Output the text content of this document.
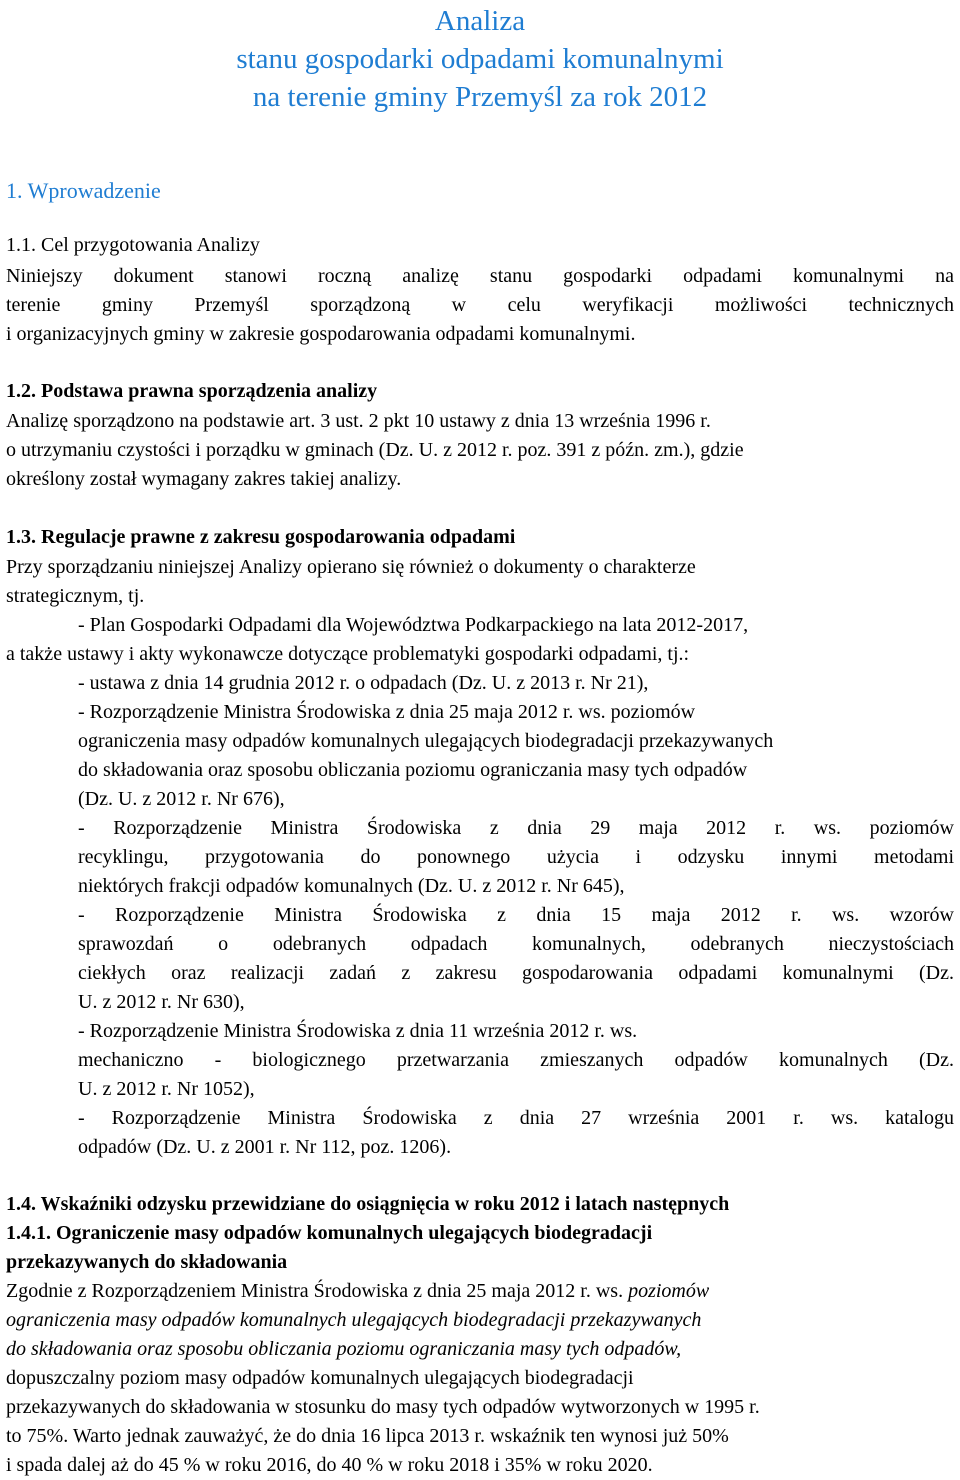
Analiza
stanu gospodarki odpadami komunalnymi
na terenie gminy Przemyśl za rok 2012
1. Wprowadzenie
1.1. Cel przygotowania Analizy
Niniejszy dokument stanowi roczną analizę stanu gospodarki odpadami komunalnymi na
terenie gminy Przemyśl sporządzoną w celu weryfikacji możliwości technicznych
i organizacyjnych gminy w zakresie gospodarowania odpadami komunalnymi.
1.2. Podstawa prawna sporządzenia analizy
Analizę sporządzono na podstawie art. 3 ust. 2 pkt 10 ustawy z dnia 13 września 1996 r.
o utrzymaniu czystości i porządku w gminach (Dz. U. z 2012 r. poz. 391 z późn. zm.), gdzie
określony został wymagany zakres takiej analizy.
1.3. Regulacje prawne z zakresu gospodarowania odpadami
Przy sporządzaniu niniejszej Analizy opierano się również o dokumenty o charakterze
strategicznym, tj.
- Plan Gospodarki Odpadami dla Województwa Podkarpackiego na lata 2012-2017,
a także ustawy i akty wykonawcze dotyczące problematyki gospodarki odpadami, tj.:
- ustawa z dnia 14 grudnia 2012 r. o odpadach (Dz. U. z 2013 r. Nr 21),
- Rozporządzenie Ministra Środowiska z dnia 25 maja 2012 r. ws. poziomów
ograniczenia masy odpadów komunalnych ulegających biodegradacji przekazywanych
do składowania oraz sposobu obliczania poziomu ograniczania masy tych odpadów
(Dz. U. z 2012 r. Nr 676),
- Rozporządzenie Ministra Środowiska z dnia 29 maja 2012 r. ws. poziomów
recyklingu, przygotowania do ponownego użycia i odzysku innymi metodami
niektórych frakcji odpadów komunalnych (Dz. U. z 2012 r. Nr 645),
- Rozporządzenie Ministra Środowiska z dnia 15 maja 2012 r. ws. wzorów
sprawozdań o odebranych odpadach komunalnych, odebranych nieczystościach
ciekłych oraz realizacji zadań z zakresu gospodarowania odpadami komunalnymi (Dz.
U. z 2012 r. Nr 630),
- Rozporządzenie Ministra Środowiska z dnia 11 września 2012 r. ws.
mechaniczno - biologicznego przetwarzania zmieszanych odpadów komunalnych (Dz.
U. z 2012 r. Nr 1052),
- Rozporządzenie Ministra Środowiska z dnia 27 września 2001 r. ws. katalogu
odpadów (Dz. U. z 2001 r. Nr 112, poz. 1206).
1.4. Wskaźniki odzysku przewidziane do osiągnięcia w roku 2012 i latach następnych
1.4.1. Ograniczenie masy odpadów komunalnych ulegających biodegradacji
przekazywanych do składowania
Zgodnie z Rozporządzeniem Ministra Środowiska z dnia 25 maja 2012 r. ws. poziomów
ograniczenia masy odpadów komunalnych ulegających biodegradacji przekazywanych
do składowania oraz sposobu obliczania poziomu ograniczania masy tych odpadów,
dopuszczalny poziom masy odpadów komunalnych ulegających biodegradacji
przekazywanych do składowania w stosunku do masy tych odpadów wytworzonych w 1995 r.
to 75%. Warto jednak zauważyć, że do dnia 16 lipca 2013 r. wskaźnik ten wynosi już 50%
i spada dalej aż do 45 % w roku 2016, do 40 % w roku 2018 i 35% w roku 2020.
